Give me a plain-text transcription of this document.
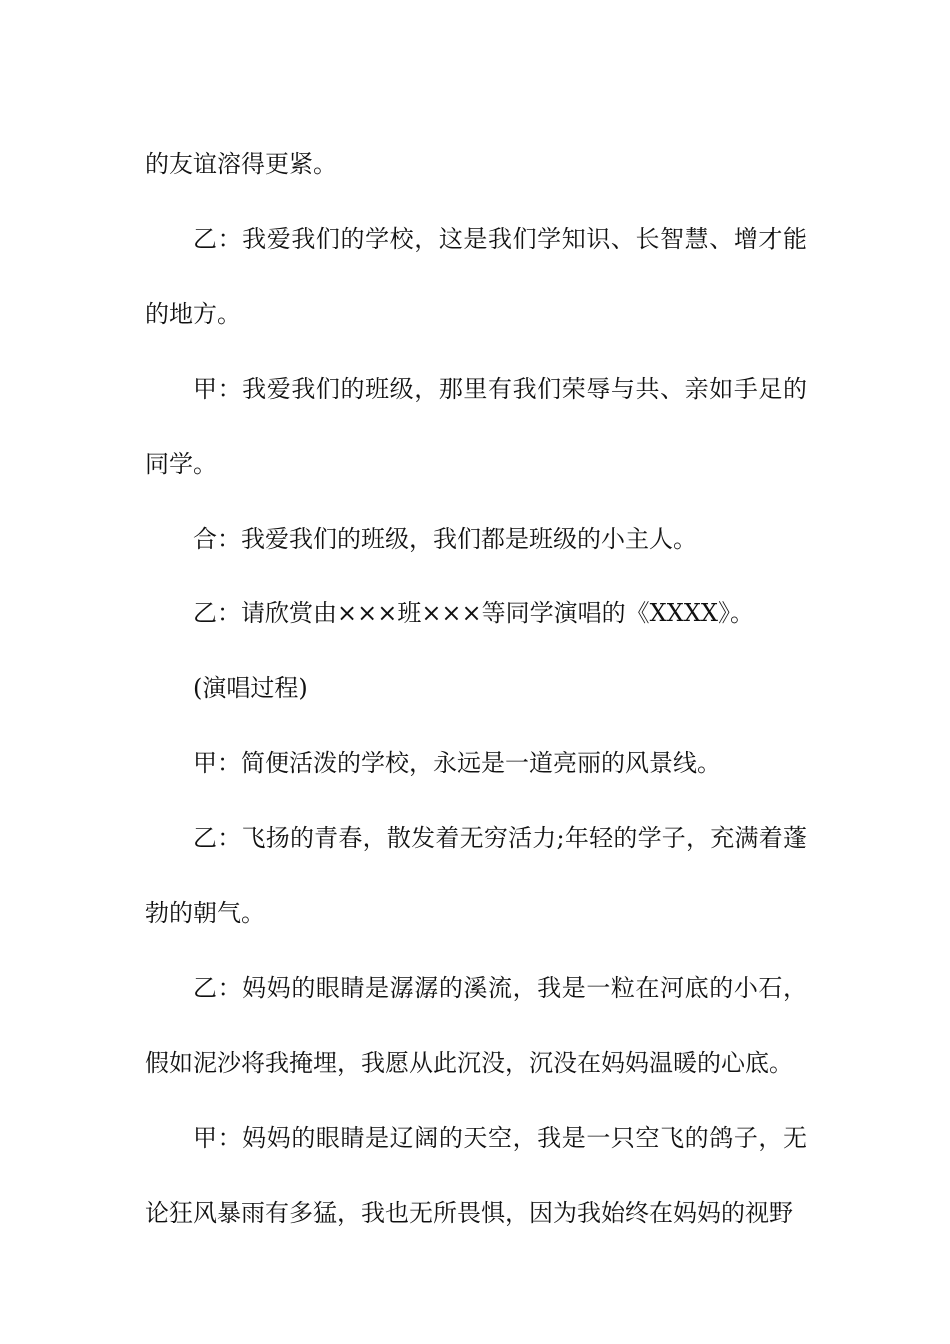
的友谊溶得更紧。

乙：我爱我们的学校，这是我们学知识、长智慧、增才能的地方。

甲：我爱我们的班级，那里有我们荣辱与共、亲如手足的同学。

合：我爱我们的班级，我们都是班级的小主人。

乙：请欣赏由×××班×××等同学演唱的《XXXX》。

(演唱过程)

甲：简便活泼的学校，永远是一道亮丽的风景线。

乙：飞扬的青春，散发着无穷活力;年轻的学子，充满着蓬勃的朝气。

乙：妈妈的眼睛是潺潺的溪流，我是一粒在河底的小石，假如泥沙将我掩埋，我愿从此沉没，沉没在妈妈温暖的心底。

甲：妈妈的眼睛是辽阔的天空，我是一只空飞的鸽子，无论狂风暴雨有多猛，我也无所畏惧，因为我始终在妈妈的视野
